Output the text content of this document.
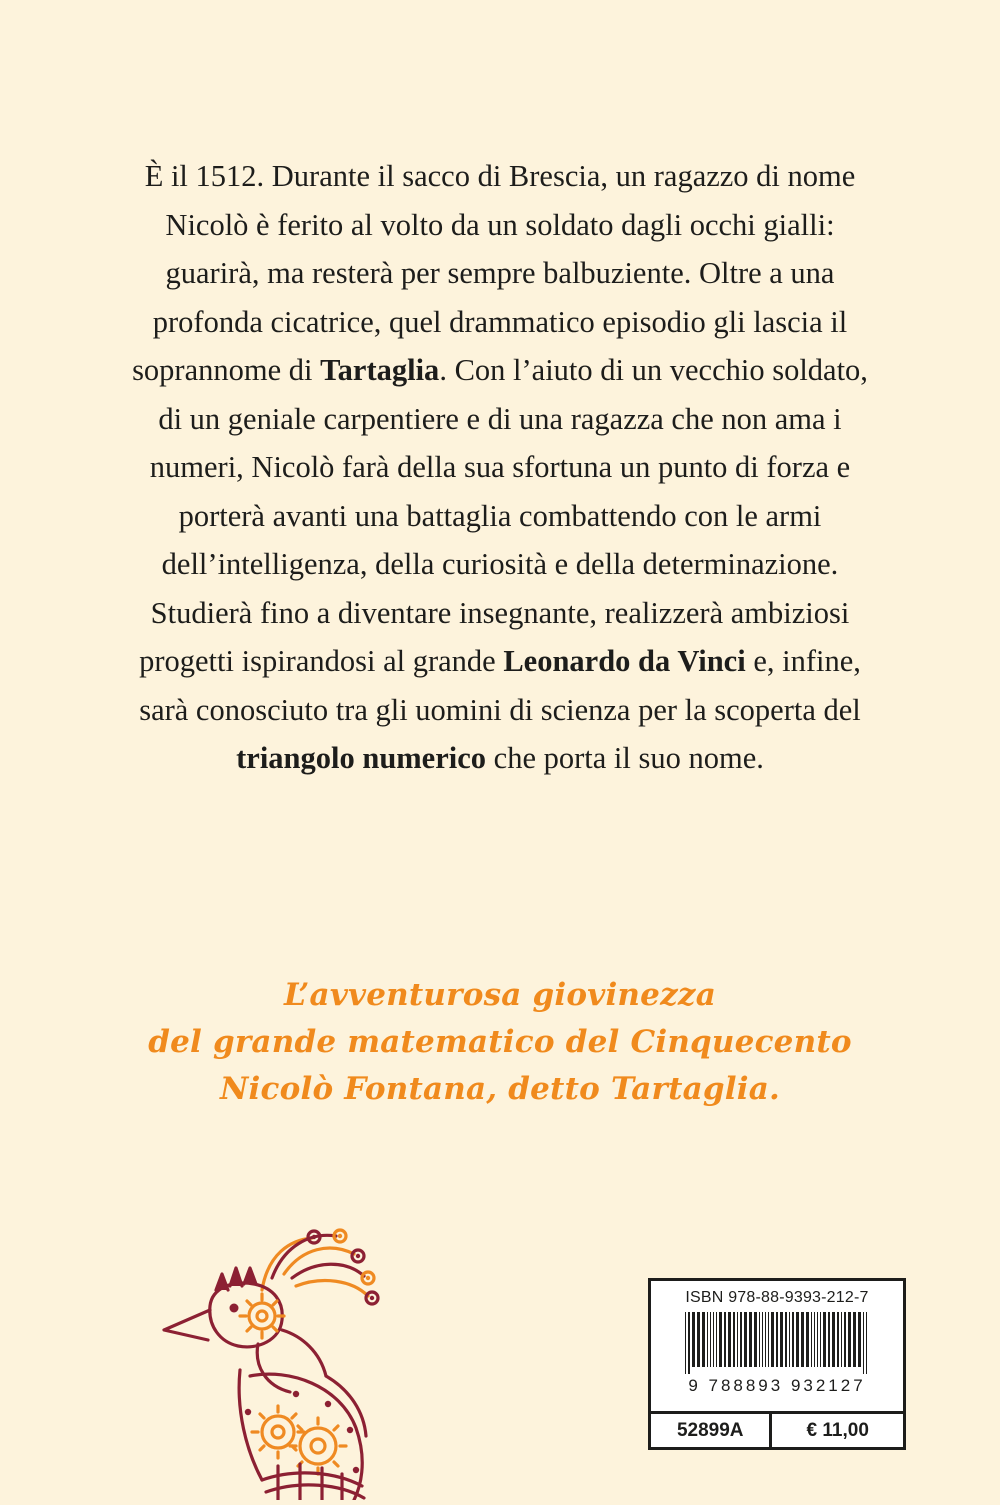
È il 1512. Durante il sacco di Brescia, un ragazzo di nome Nicolò è ferito al volto da un soldato dagli occhi gialli: guarirà, ma resterà per sempre balbuziente. Oltre a una profonda cicatrice, quel drammatico episodio gli lascia il soprannome di Tartaglia. Con l’aiuto di un vecchio soldato, di un geniale carpentiere e di una ragazza che non ama i numeri, Nicolò farà della sua sfortuna un punto di forza e porterà avanti una battaglia combattendo con le armi dell’intelligenza, della curiosità e della determinazione. Studierà fino a diventare insegnante, realizzerà ambiziosi progetti ispirandosi al grande Leonardo da Vinci e, infine, sarà conosciuto tra gli uomini di scienza per la scoperta del triangolo numerico che porta il suo nome.
L’avventurosa giovinezza
del grande matematico del Cinquecento
Nicolò Fontana, detto Tartaglia.
ISBN 978-88-9393-212-7
9 788893 932127
52899A	€ 11,00
